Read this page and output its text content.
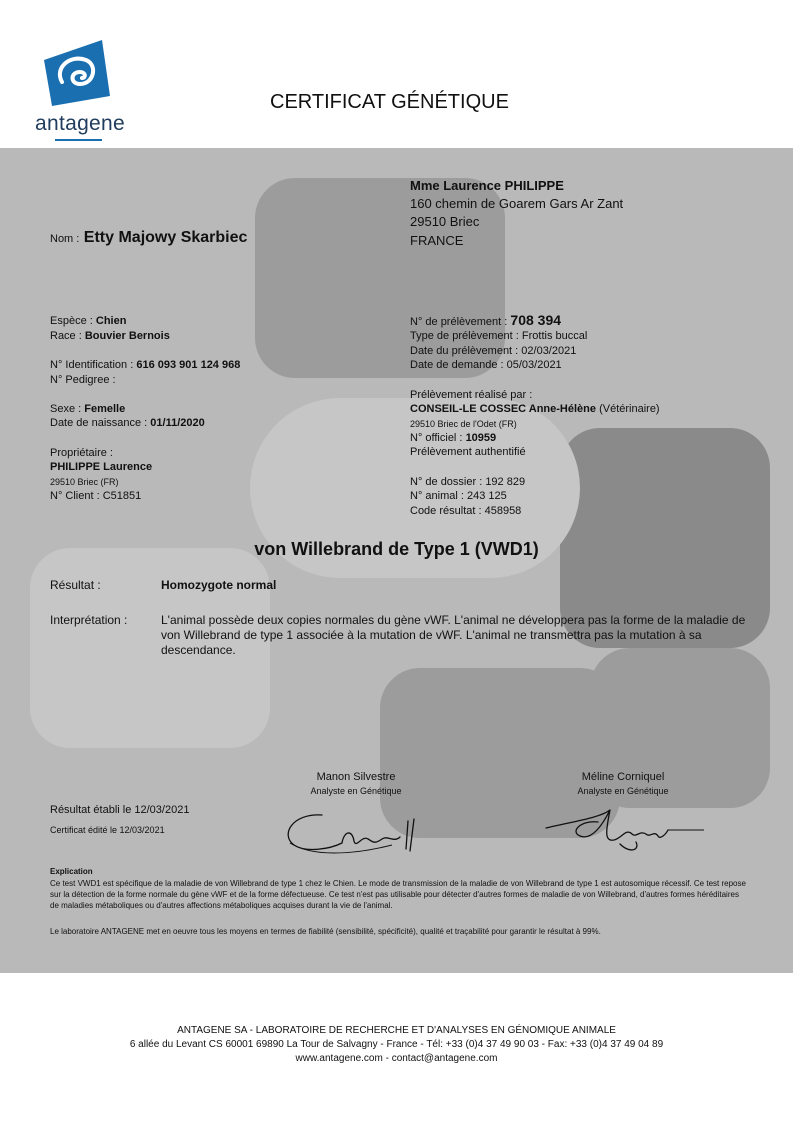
antagene
CERTIFICAT GÉNÉTIQUE
Mme Laurence PHILIPPE
160 chemin de Goarem Gars Ar Zant
29510 Briec
FRANCE
Nom : Etty Majowy Skarbiec
Espèce : Chien
Race : Bouvier Bernois
N° Identification : 616 093 901 124 968
N° Pedigree :
Sexe : Femelle
Date de naissance : 01/11/2020
Propriétaire :
PHILIPPE Laurence
29510 Briec (FR)
N° Client : C51851
N° de prélèvement : 708 394
Type de prélèvement : Frottis buccal
Date du prélèvement : 02/03/2021
Date de demande : 05/03/2021
Prélèvement réalisé par :
CONSEIL-LE COSSEC Anne-Hélène (Vétérinaire)
29510 Briec de l'Odet (FR)
N° officiel : 10959
Prélèvement authentifié
N° de dossier : 192 829
N° animal : 243 125
Code résultat : 458958
von Willebrand de Type 1 (VWD1)
Résultat :	Homozygote normal
Interprétation :	L'animal possède deux copies normales du gène vWF. L'animal ne développera pas la forme de la maladie de von Willebrand de type 1 associée à la mutation de vWF. L'animal ne transmettra pas la mutation à sa descendance.
Manon Silvestre
Analyste en Génétique
Méline Corniquel
Analyste en Génétique
Résultat établi le 12/03/2021
Certificat édité le 12/03/2021
Explication
Ce test VWD1 est spécifique de la maladie de von Willebrand de type 1 chez le Chien. Le mode de transmission de la maladie de von Willebrand de type 1 est autosomique récessif. Ce test repose sur la détection de la forme normale du gène vWF et de la forme défectueuse. Ce test n'est pas utilisable pour détecter d'autres formes de maladie de von Willebrand, d'autres formes héréditaires de maladies métaboliques ou d'autres affections métaboliques acquises durant la vie de l'animal.
Le laboratoire ANTAGENE met en oeuvre tous les moyens en termes de fiabilité (sensibilité, spécificité), qualité et traçabilité pour garantir le résultat à 99%.
ANTAGENE SA - LABORATOIRE DE RECHERCHE ET D'ANALYSES EN GÉNOMIQUE ANIMALE
6 allée du Levant CS 60001 69890 La Tour de Salvagny - France - Tél: +33 (0)4 37 49 90 03 - Fax: +33 (0)4 37 49 04 89
www.antagene.com - contact@antagene.com
